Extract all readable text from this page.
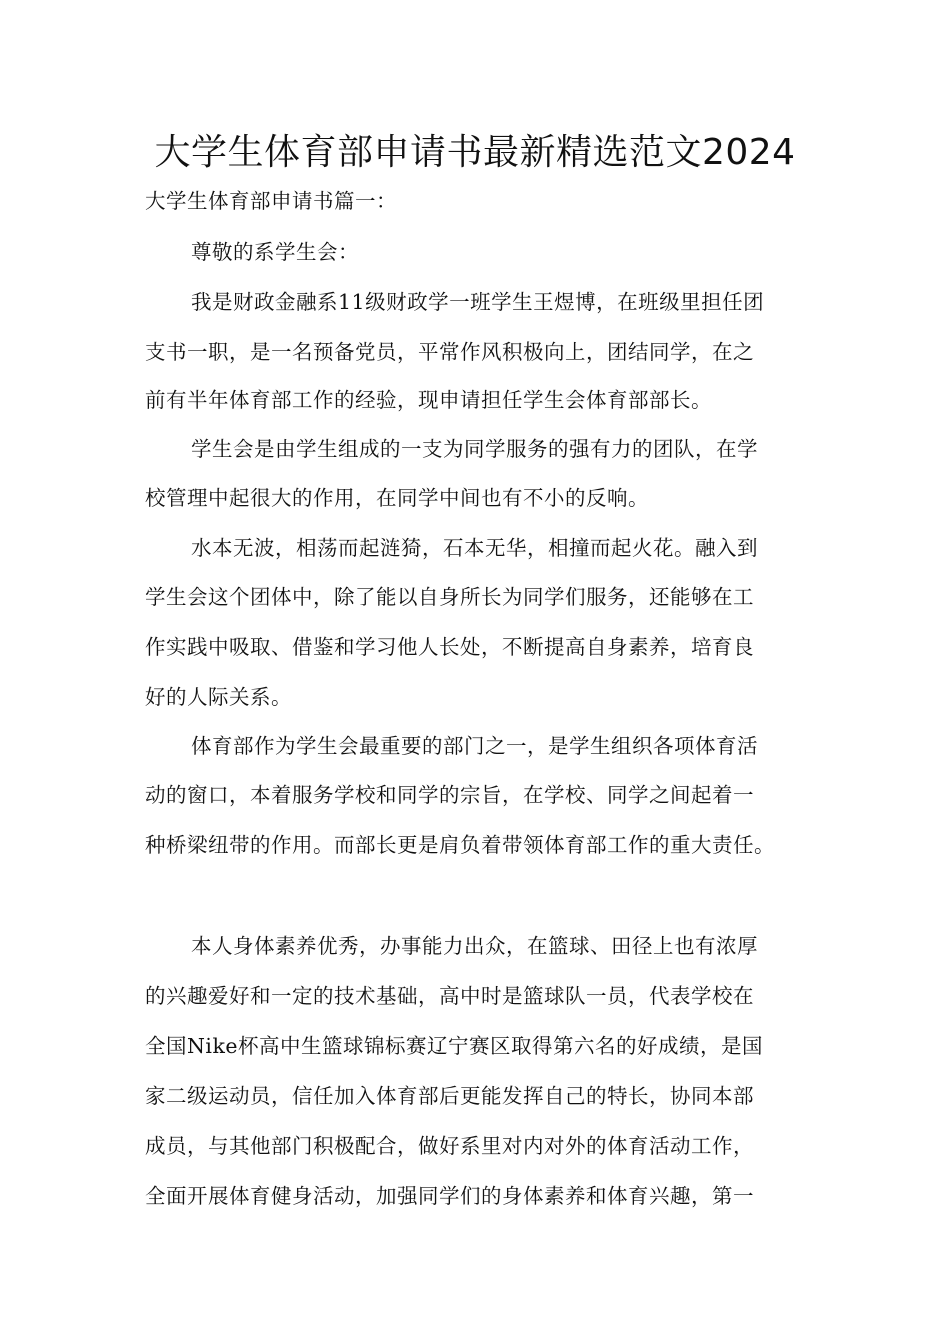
大学生体育部申请书最新精选范文2024
大学生体育部申请书篇一：
尊敬的系学生会：
我是财政金融系11级财政学一班学生王煜博，在班级里担任团
支书一职，是一名预备党员，平常作风积极向上，团结同学，在之
前有半年体育部工作的经验，现申请担任学生会体育部部长。
学生会是由学生组成的一支为同学服务的强有力的团队，在学
校管理中起很大的作用，在同学中间也有不小的反响。
水本无波，相荡而起涟猗，石本无华，相撞而起火花。融入到
学生会这个团体中，除了能以自身所长为同学们服务，还能够在工
作实践中吸取、借鉴和学习他人长处，不断提高自身素养，培育良
好的人际关系。
体育部作为学生会最重要的部门之一，是学生组织各项体育活
动的窗口，本着服务学校和同学的宗旨，在学校、同学之间起着一
种桥梁纽带的作用。而部长更是肩负着带领体育部工作的重大责任。
本人身体素养优秀，办事能力出众，在篮球、田径上也有浓厚
的兴趣爱好和一定的技术基础，高中时是篮球队一员，代表学校在
全国Nike杯高中生篮球锦标赛辽宁赛区取得第六名的好成绩，是国
家二级运动员，信任加入体育部后更能发挥自己的特长，协同本部
成员，与其他部门积极配合，做好系里对内对外的体育活动工作，
全面开展体育健身活动，加强同学们的身体素养和体育兴趣，第一
